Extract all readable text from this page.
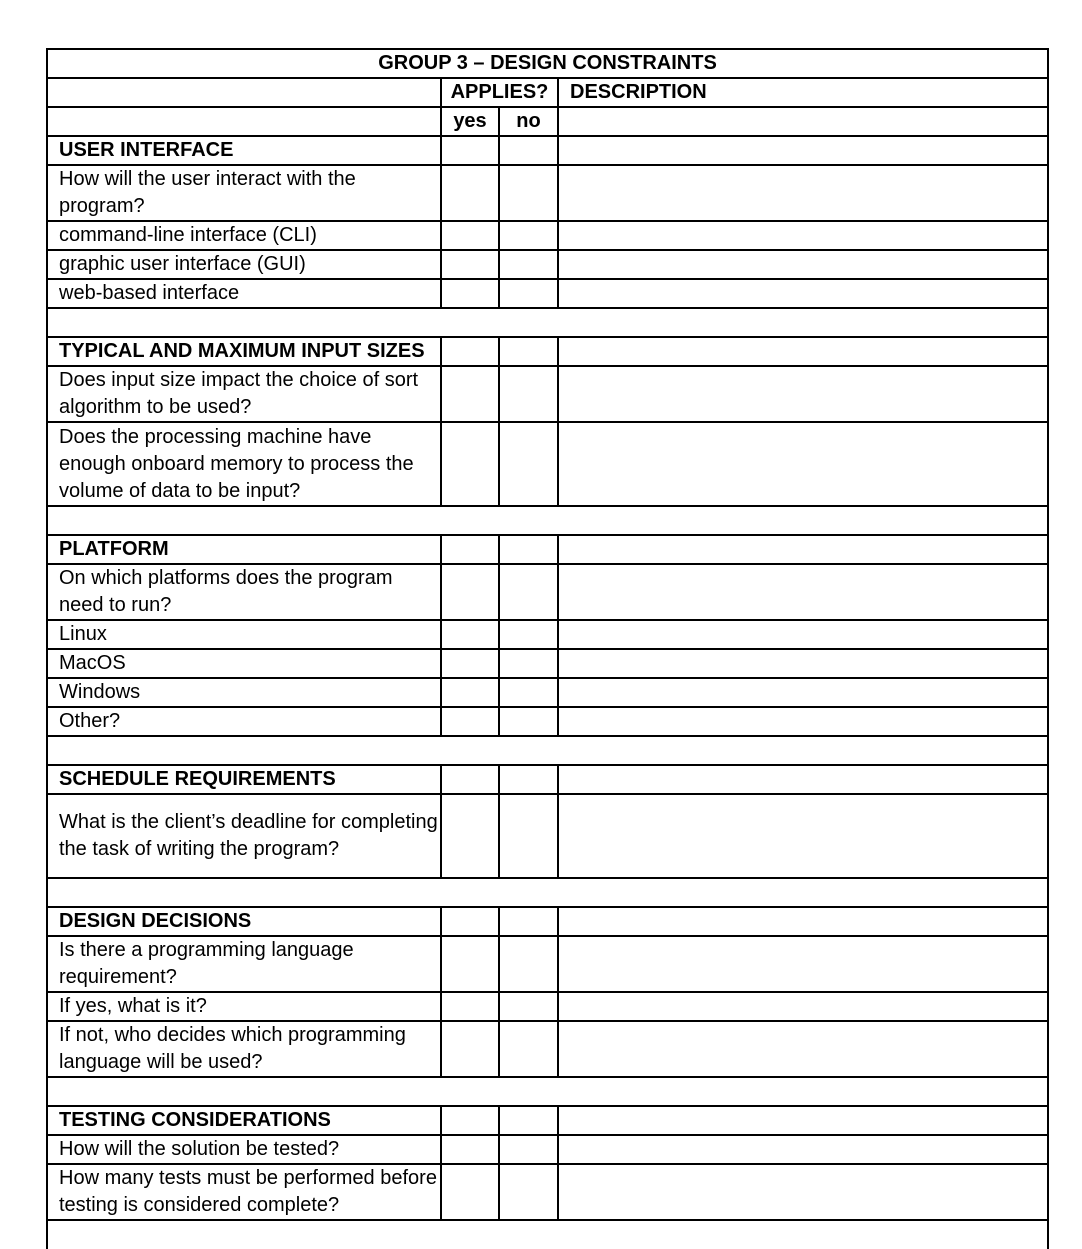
GROUP 3 – DESIGN CONSTRAINTS			
	APPLIES?		DESCRIPTION
	yes	no	
USER INTERFACE			
How will the user interact with the program?			
command-line interface (CLI)			
graphic user interface (GUI)			
web-based interface			

TYPICAL AND MAXIMUM INPUT SIZES			
Does input size impact the choice of sort algorithm to be used?			
Does the processing machine have enough onboard memory to process the volume of data to be input?			

PLATFORM			
On which platforms does the program need to run?			
Linux			
MacOS			
Windows			
Other?			

SCHEDULE REQUIREMENTS			
What is the client’s deadline for completing the task of writing the program?			

DESIGN DECISIONS			
Is there a programming language requirement?			
If yes, what is it?			
If not, who decides which programming language will be used?			

TESTING CONSIDERATIONS			
How will the solution be tested?			
How many tests must be performed before testing is considered complete?			
